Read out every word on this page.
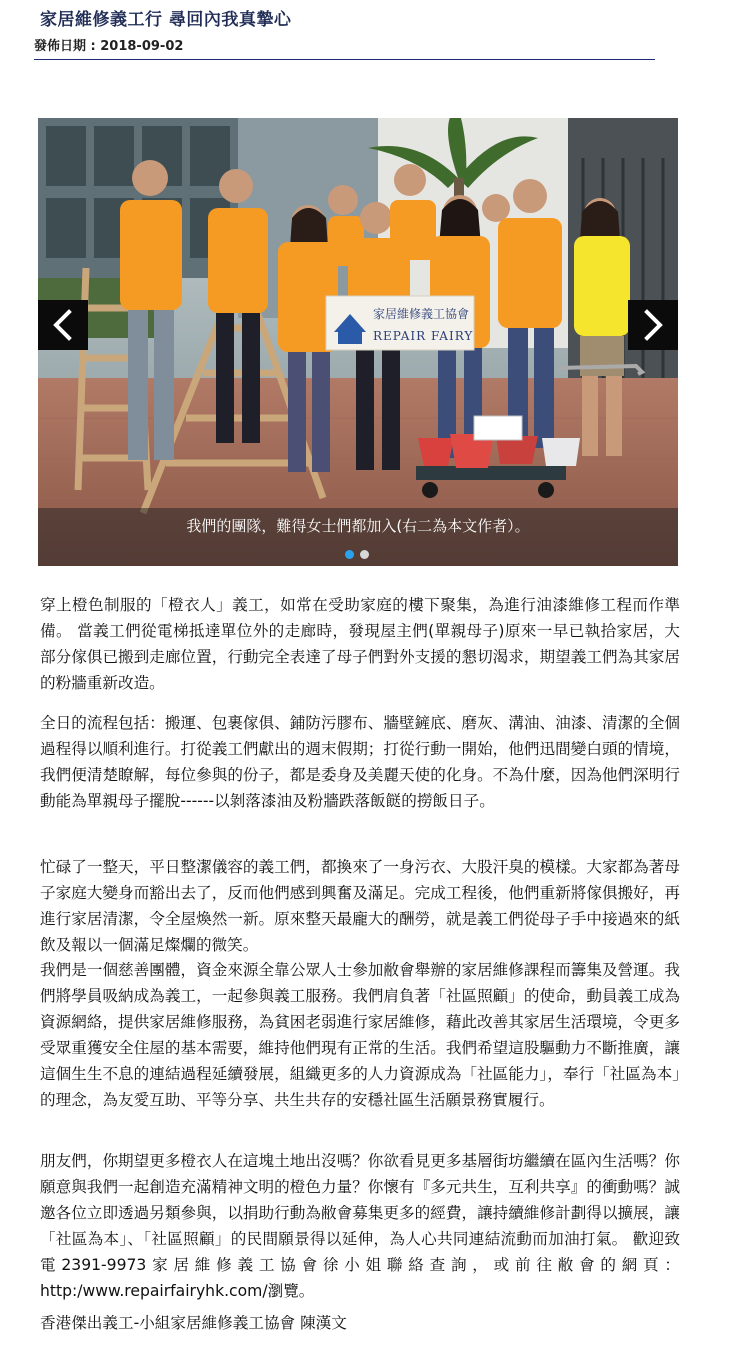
家居維修義工行 尋回內我真摯心
發佈日期 : 2018-09-02
家居維修義工協會
REPAIR FAIRY
我們的團隊，難得女士們都加入(右二為本文作者）。

穿上橙色制服的「橙衣人」義工，如常在受助家庭的樓下聚集，為進行油漆維修工程而作準備。 當義工們從電梯抵達單位外的走廊時，發現屋主們(單親母子)原來一早已執拾家居，大部分傢俱已搬到走廊位置，行動完全表達了母子們對外支援的懇切渴求，期望義工們為其家居的粉牆重新改造。

全日的流程包括：搬運、包裹傢俱、鋪防污膠布、牆壁鏟底、磨灰、溝油、油漆、清潔的全個過程得以順利進行。打從義工們獻出的週末假期；打從行動一開始，他們迅間變白頭的情境，我們便清楚瞭解，每位參與的份子，都是委身及美麗天使的化身。不為什麼，因為他們深明行動能為單親母子擺脫------以剝落漆油及粉牆跌落飯餸的撈飯日子。

忙碌了一整天，平日整潔儀容的義工們，都換來了一身污衣、大股汗臭的模樣。大家都為著母子家庭大變身而豁出去了，反而他們感到興奮及滿足。完成工程後，他們重新將傢俱搬好，再進行家居清潔，令全屋煥然一新。原來整天最龐大的酬勞，就是義工們從母子手中接過來的紙飲及報以一個滿足燦爛的微笑。

我們是一個慈善團體，資金來源全靠公眾人士參加敝會舉辦的家居維修課程而籌集及營運。我們將學員吸納成為義工，一起參與義工服務。我們肩負著「社區照顧」的使命，動員義工成為資源網絡，提供家居維修服務，為貧困老弱進行家居維修，藉此改善其家居生活環境，令更多受眾重獲安全住屋的基本需要，維持他們現有正常的生活。我們希望這股驅動力不斷推廣，讓這個生生不息的連結過程延續發展，組織更多的人力資源成為「社區能力」，奉行「社區為本」的理念，為友愛互助、平等分享、共生共存的安穩社區生活願景務實履行。

朋友們，你期望更多橙衣人在這塊土地出沒嗎？你欲看見更多基層街坊繼續在區內生活嗎？你願意與我們一起創造充滿精神文明的橙色力量？你懷有『多元共生，互利共享』的衝動嗎？誠邀各位立即透過另類參與，以捐助行動為敝會募集更多的經費，讓持續維修計劃得以擴展，讓「社區為本」、「社區照顧」的民間願景得以延伸，為人心共同連結流動而加油打氣。 歡迎致電2391-9973家居維修義工協會徐小姐聯絡查詢，或前往敝會的網頁：http:/www.repairfairyhk.com/瀏覽。

香港傑出義工-小組家居維修義工協會 陳漢文
